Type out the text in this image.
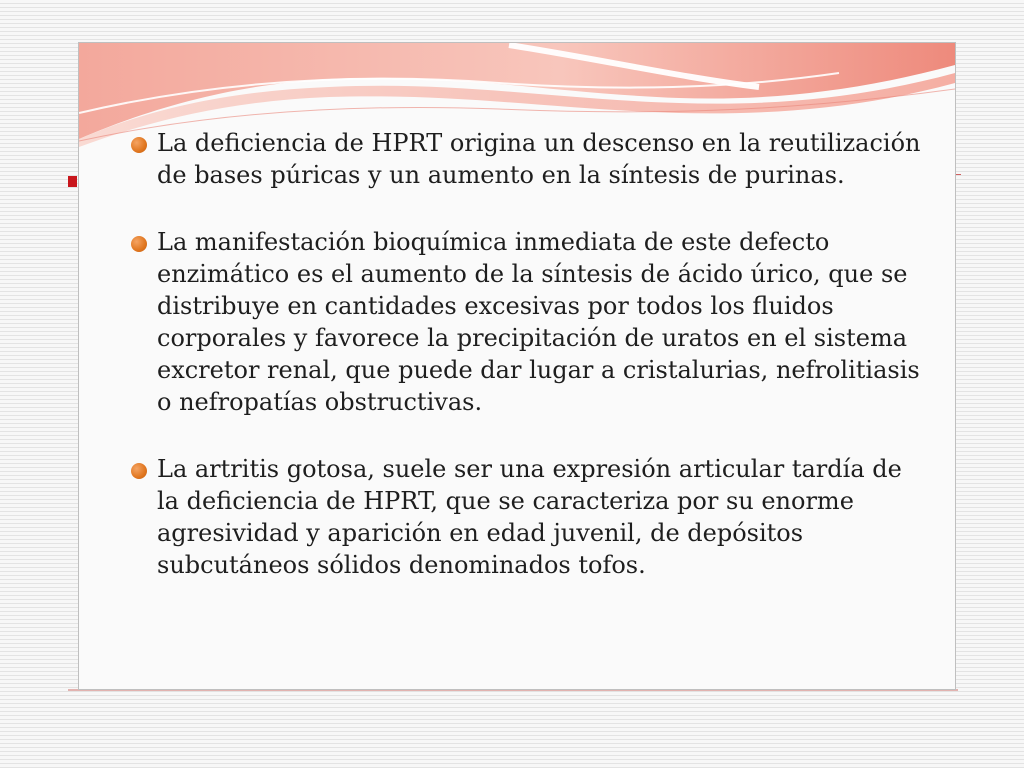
La deficiencia de HPRT origina un descenso en la reutilización de bases púricas y un aumento en la síntesis de purinas.
La manifestación bioquímica inmediata de este defecto enzimático es el aumento de la síntesis de ácido úrico, que se distribuye en cantidades excesivas por todos los fluidos corporales y favorece la precipitación de uratos en el sistema excretor renal, que puede dar lugar a cristalurias, nefrolitiasis o nefropatías obstructivas.
La artritis gotosa, suele ser una expresión articular tardía de la deficiencia de HPRT, que se caracteriza por su enorme agresividad y aparición en edad juvenil, de depósitos subcutáneos sólidos denominados tofos.
